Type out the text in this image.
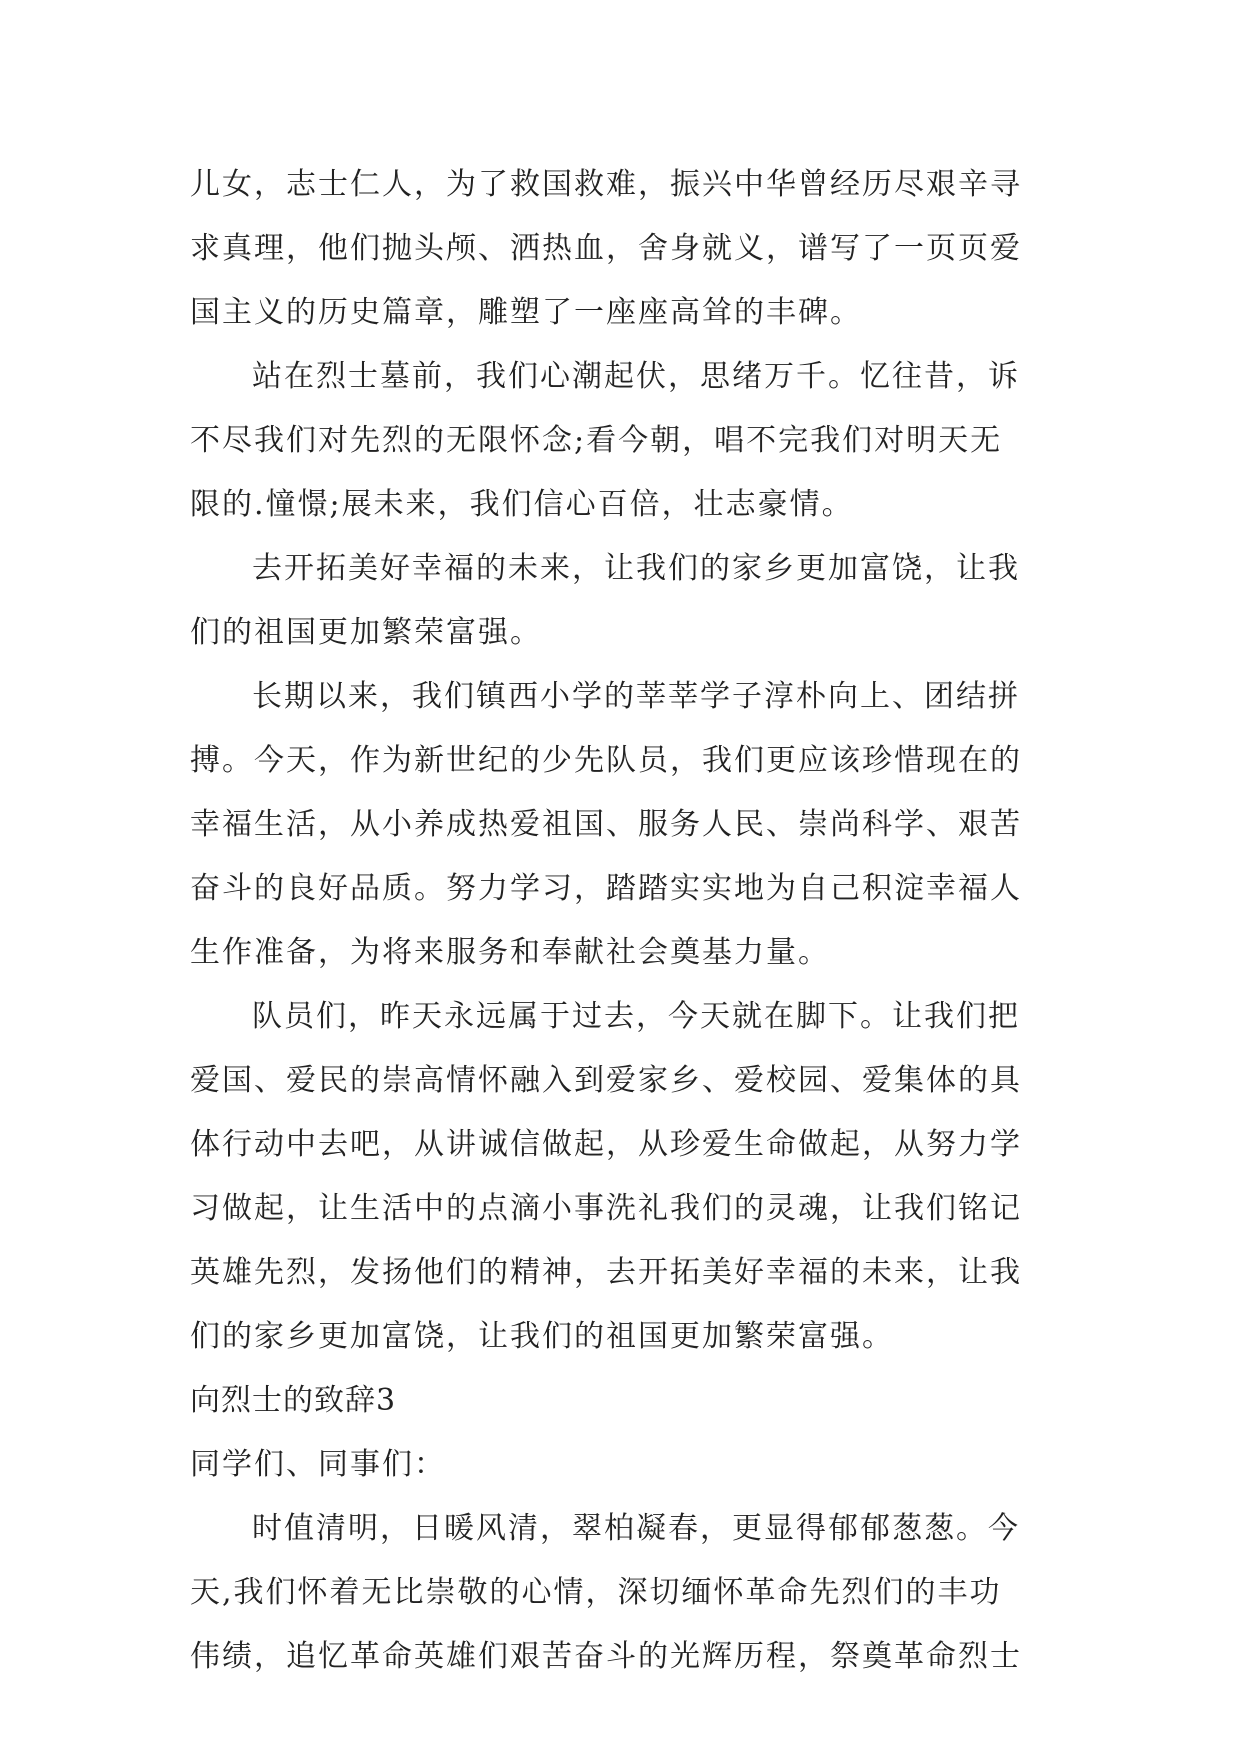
儿女，志士仁人，为了救国救难，振兴中华曾经历尽艰辛寻
求真理，他们抛头颅、洒热血，舍身就义，谱写了一页页爱
国主义的历史篇章，雕塑了一座座高耸的丰碑。
站在烈士墓前，我们心潮起伏，思绪万千。忆往昔，诉
不尽我们对先烈的无限怀念;看今朝，唱不完我们对明天无
限的.憧憬;展未来，我们信心百倍，壮志豪情。
去开拓美好幸福的未来，让我们的家乡更加富饶，让我
们的祖国更加繁荣富强。
长期以来，我们镇西小学的莘莘学子淳朴向上、团结拼
搏。今天，作为新世纪的少先队员，我们更应该珍惜现在的
幸福生活，从小养成热爱祖国、服务人民、崇尚科学、艰苦
奋斗的良好品质。努力学习，踏踏实实地为自己积淀幸福人
生作准备，为将来服务和奉献社会奠基力量。
队员们，昨天永远属于过去，今天就在脚下。让我们把
爱国、爱民的崇高情怀融入到爱家乡、爱校园、爱集体的具
体行动中去吧，从讲诚信做起，从珍爱生命做起，从努力学
习做起，让生活中的点滴小事洗礼我们的灵魂，让我们铭记
英雄先烈，发扬他们的精神，去开拓美好幸福的未来，让我
们的家乡更加富饶，让我们的祖国更加繁荣富强。
向烈士的致辞3
同学们、同事们：
时值清明，日暖风清，翠柏凝春，更显得郁郁葱葱。今
天,我们怀着无比崇敬的心情，深切缅怀革命先烈们的丰功
伟绩，追忆革命英雄们艰苦奋斗的光辉历程，祭奠革命烈士
